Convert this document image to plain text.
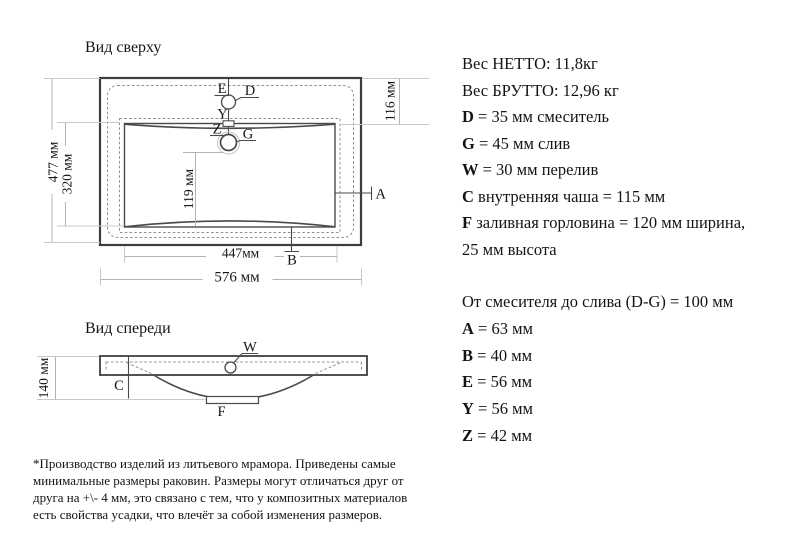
Вид сверху
E D
Y
Z G
A
B
119 мм
477 мм 320 мм
116 мм
447мм
576 мм
Вид спереди
140 мм
W
C
F
Вес НЕТТО: 11,8кг
Вес БРУТТО: 12,96 кг
D = 35 мм смеситель
G = 45 мм слив
W = 30 мм перелив
C внутренняя чаша = 115 мм
F заливная горловина = 120 мм ширина,
25 мм высота
От смесителя до слива (D-G) = 100 мм
A = 63 мм
B = 40 мм
E = 56 мм
Y = 56 мм
Z = 42 мм
*Производство изделий из литьевого мрамора. Приведены самые
минимальные размеры раковин. Размеры могут отличаться друг от
друга на +\- 4 мм, это связано с тем, что у композитных материалов
есть свойства усадки, что влечёт за собой изменения размеров.
